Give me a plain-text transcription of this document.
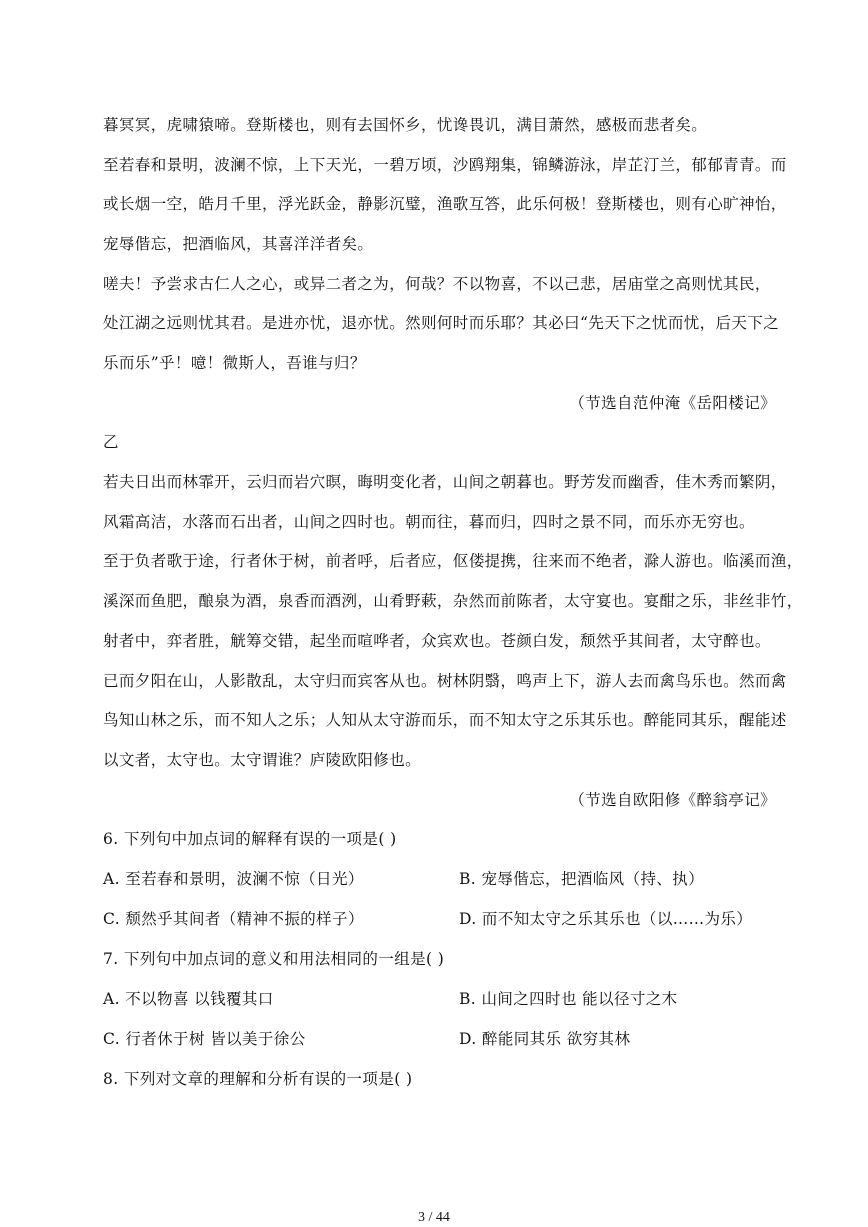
暮冥冥，虎啸猿啼。登斯楼也，则有去国怀乡，忧谗畏讥，满目萧然，感极而悲者矣。
至若春和景明，波澜不惊，上下天光，一碧万顷，沙鸥翔集，锦鳞游泳，岸芷汀兰，郁郁青青。而
或长烟一空，皓月千里，浮光跃金，静影沉璧，渔歌互答，此乐何极！登斯楼也，则有心旷神怡，
宠辱偕忘，把酒临风，其喜洋洋者矣。
嗟夫！予尝求古仁人之心，或异二者之为，何哉？不以物喜，不以己悲，居庙堂之高则忧其民，
处江湖之远则忧其君。是进亦忧，退亦忧。然则何时而乐耶？其必曰“先天下之忧而忧，后天下之
乐而乐”乎！噫！微斯人，吾谁与归？
（节选自范仲淹《岳阳楼记》
乙
若夫日出而林霏开，云归而岩穴暝，晦明变化者，山间之朝暮也。野芳发而幽香，佳木秀而繁阴，
风霜高洁，水落而石出者，山间之四时也。朝而往，暮而归，四时之景不同，而乐亦无穷也。
至于负者歌于途，行者休于树，前者呼，后者应，伛偻提携，往来而不绝者，滁人游也。临溪而渔，
溪深而鱼肥，酿泉为酒，泉香而酒洌，山肴野蔌，杂然而前陈者，太守宴也。宴酣之乐，非丝非竹，
射者中，弈者胜，觥筹交错，起坐而喧哗者，众宾欢也。苍颜白发，颓然乎其间者，太守醉也。
已而夕阳在山，人影散乱，太守归而宾客从也。树林阴翳，鸣声上下，游人去而禽鸟乐也。然而禽
鸟知山林之乐，而不知人之乐；人知从太守游而乐，而不知太守之乐其乐也。醉能同其乐，醒能述
以文者，太守也。太守谓谁？庐陵欧阳修也。
（节选自欧阳修《醉翁亭记》
6. 下列句中加点词的解释有误的一项是( )
A. 至若春和景明，波澜不惊（日光）	B. 宠辱偕忘，把酒临风（持、执）
C. 颓然乎其间者（精神不振的样子）	D. 而不知太守之乐其乐也（以……为乐）
7. 下列句中加点词的意义和用法相同的一组是( )
A. 不以物喜 以钱覆其口	B. 山间之四时也 能以径寸之木
C. 行者休于树 皆以美于徐公	D. 醉能同其乐 欲穷其林
8. 下列对文章的理解和分析有误的一项是( )
3 / 44
